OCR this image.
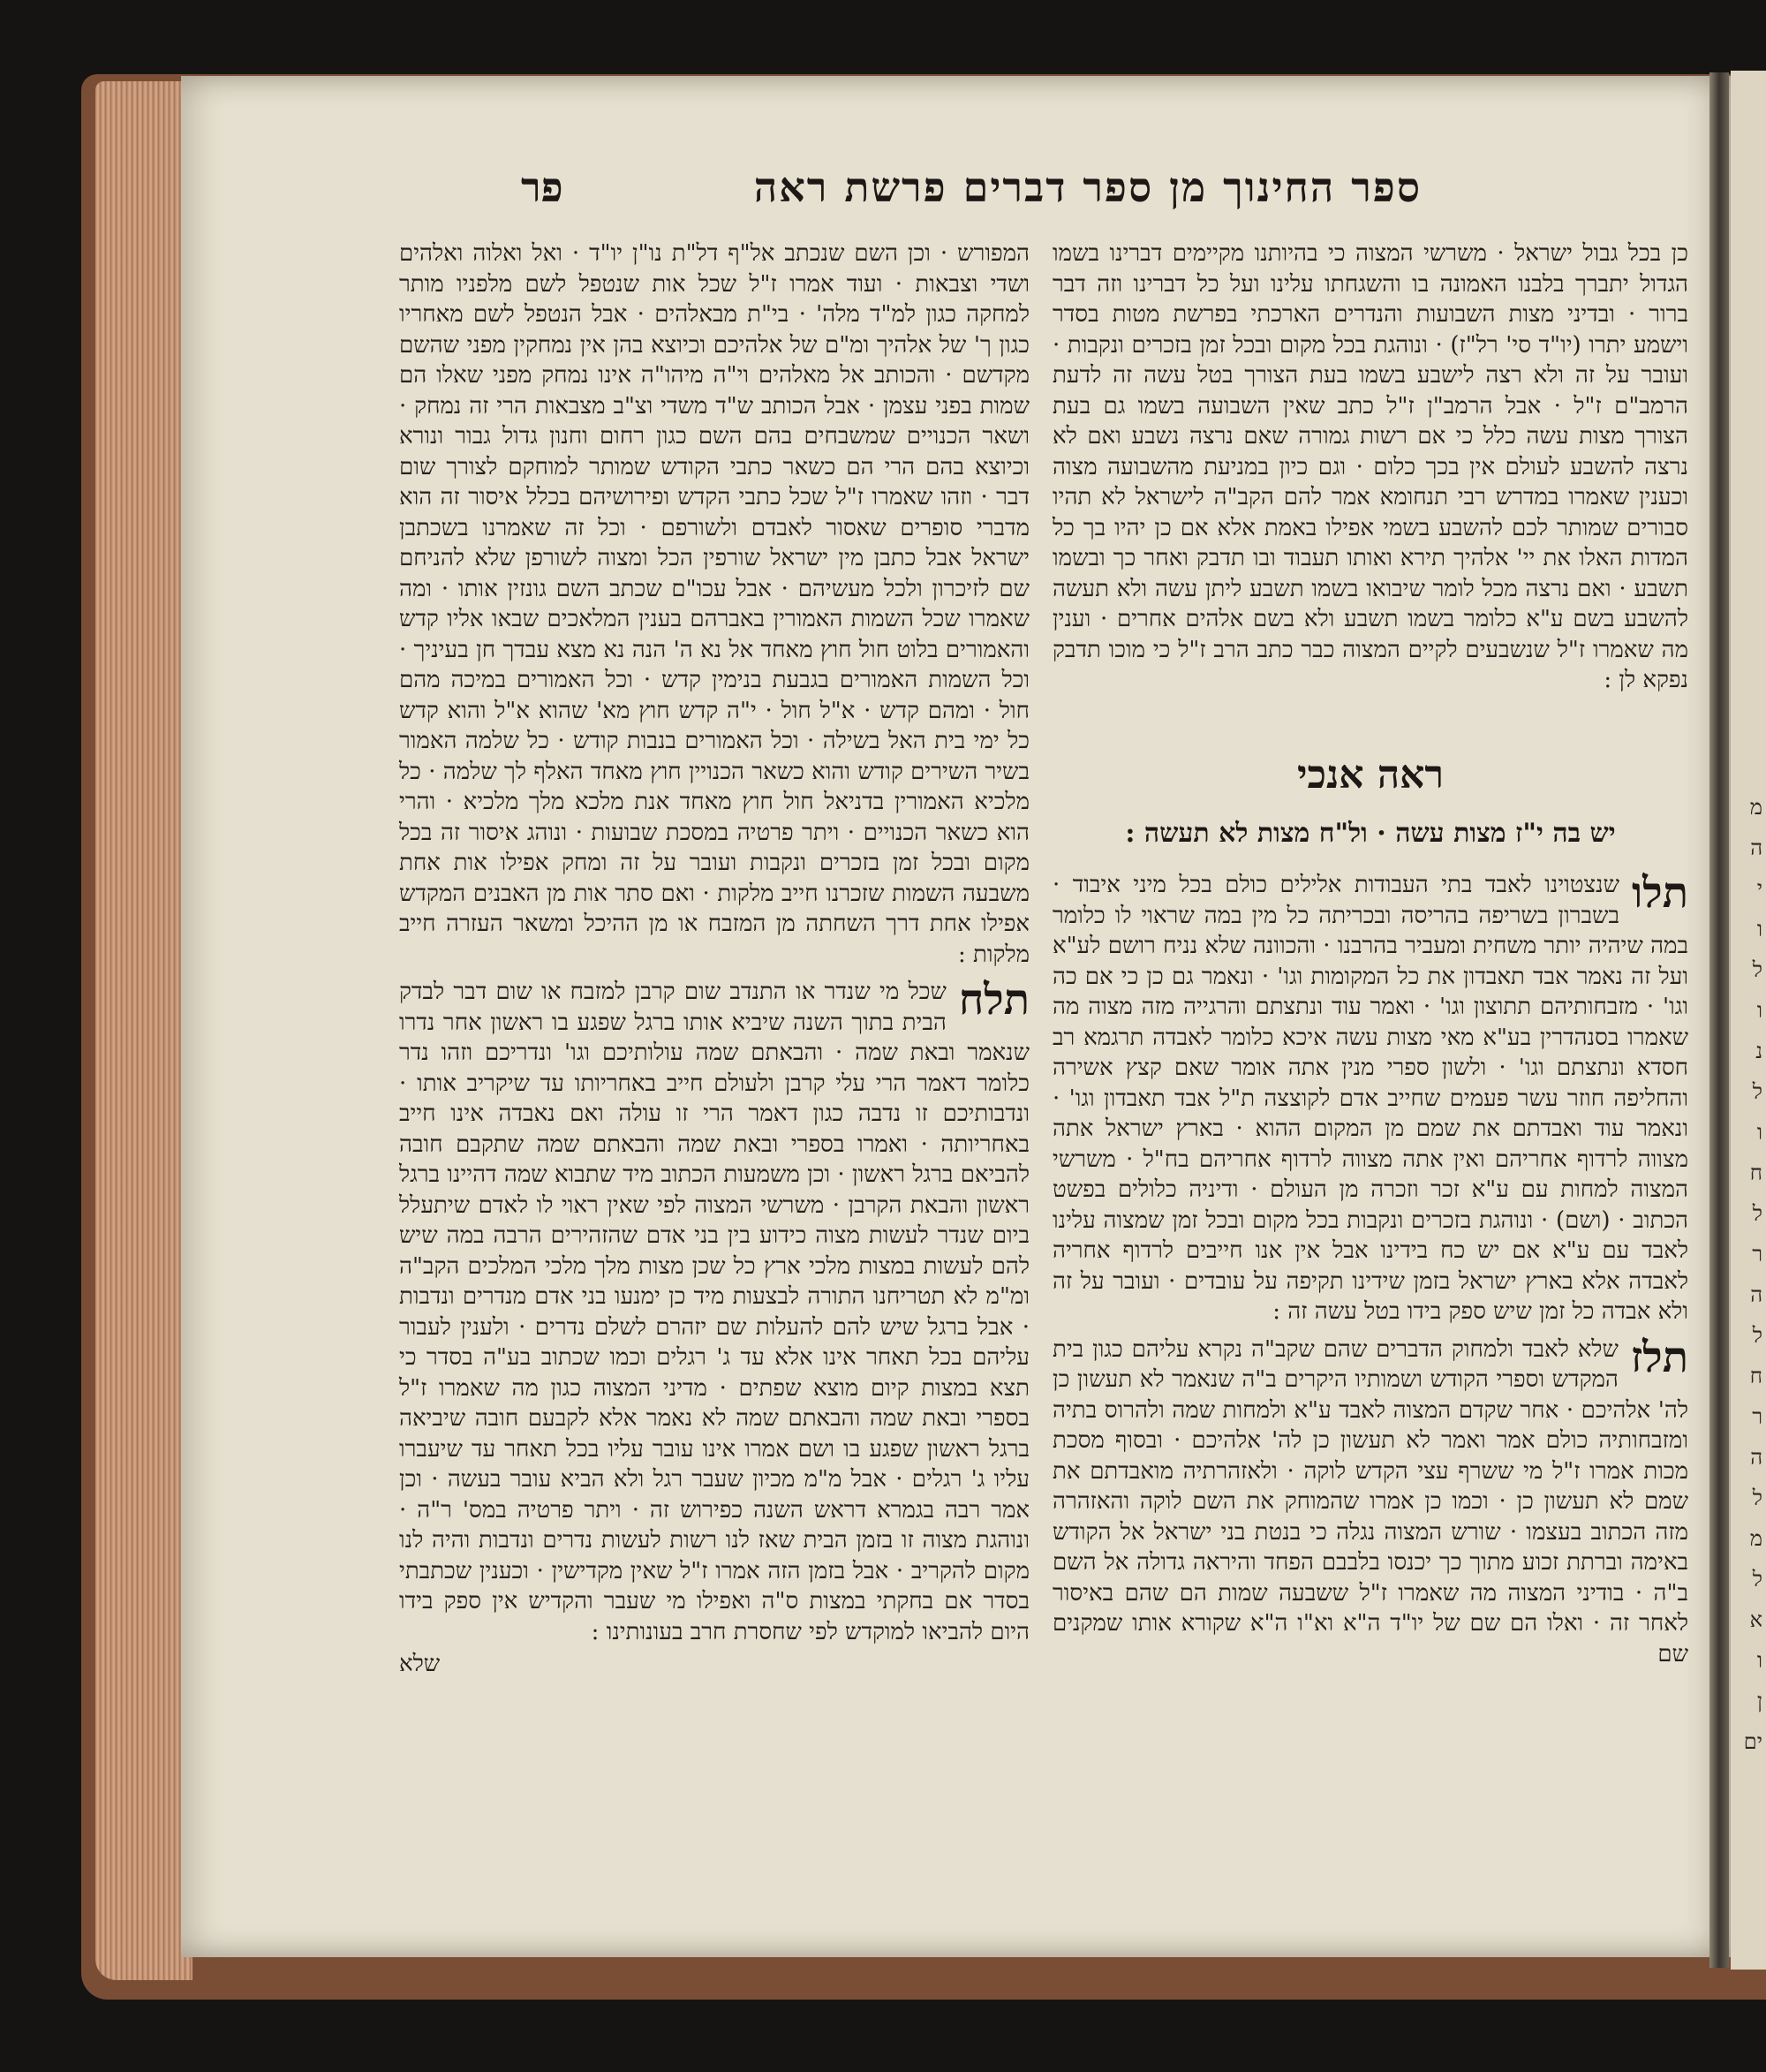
מ
ה
י
ו
ל
ו
נ
ל
ו
ח
ל
ר
ה
ל
ח
ר
ה
ל
מ
ל
א
ו
ן
ים
ספר החינוך מן ספר דברים פרשת ראה
פר

כן בכל גבול ישראל · משרשי המצוה כי בהיותנו מקיימים דברינו בשמו הגדול יתברך בלבנו האמונה בו והשגחתו עלינו ועל כל דברינו וזה דבר ברור · ובדיני מצות השבועות והנדרים הארכתי בפרשת מטות בסדר וישמע יתרו (יו"ד סי' רל"ז) · ונוהגת בכל מקום ובכל זמן בזכרים ונקבות · ועובר על זה ולא רצה לישבע בשמו בעת הצורך בטל עשה זה לדעת הרמב"ם ז"ל · אבל הרמב"ן ז"ל כתב שאין השבועה בשמו גם בעת הצורך מצות עשה כלל כי אם רשות גמורה שאם נרצה נשבע ואם לא נרצה להשבע לעולם אין בכך כלום · וגם כיון במניעת מהשבועה מצוה וכענין שאמרו במדרש רבי תנחומא אמר להם הקב"ה לישראל לא תהיו סבורים שמותר לכם להשבע בשמי אפילו באמת אלא אם כן יהיו בך כל המדות האלו את יי' אלהיך תירא ואותו תעבוד ובו תדבק ואחר כך ובשמו תשבע · ואם נרצה מכל לומר שיבואו בשמו תשבע ליתן עשה ולא תעשה להשבע בשם ע"א כלומר בשמו תשבע ולא בשם אלהים אחרים · וענין מה שאמרו ז"ל שנשבעים לקיים המצוה כבר כתב הרב ז"ל כי מוכו תדבק נפקא לן :

ראה אנכי
יש בה י"ז מצות עשה · ול"ח מצות לא תעשה :
תלו
שנצטוינו לאבד בתי העבודות אלילים כולם בכל מיני איבוד · בשברון בשריפה בהריסה ובכריתה כל מין במה שראוי לו כלומר במה שיהיה יותר משחית ומעביר בהרבנו · והכוונה שלא נניח רושם לע"א ועל זה נאמר אבד תאבדון את כל המקומות וגו' · ונאמר גם כן כי אם כה וגו' · מזבחותיהם תתוצון וגו' · ואמר עוד ונתצתם והרגייה מזה מצוה מה שאמרו בסנהדרין בע"א מאי מצות עשה איכא כלומר לאבדה תרגמא רב חסדא ונתצתם וגו' · ולשון ספרי מנין אתה אומר שאם קצץ אשירה והחליפה חוזר עשר פעמים שחייב אדם לקוצצה ת"ל אבד תאבדון וגו' · ונאמר עוד ואבדתם את שמם מן המקום ההוא · בארץ ישראל אתה מצווה לרדוף אחריהם ואין אתה מצווה לרדוף אחריהם בח"ל · משרשי המצוה למחות עם ע"א זכר וזכרה מן העולם · ודיניה כלולים בפשט הכתוב · (ושם) · ונוהגת בזכרים ונקבות בכל מקום ובכל זמן שמצוה עלינו לאבד עם ע"א אם יש כח בידינו אבל אין אנו חייבים לרדוף אחריה לאבדה אלא בארץ ישראל בזמן שידינו תקיפה על עובדים · ועובר על זה ולא אבדה כל זמן שיש ספק בידו בטל עשה זה :
תלז
שלא לאבד ולמחוק הדברים שהם שקב"ה נקרא עליהם כגון בית המקדש וספרי הקודש ושמותיו היקרים ב"ה שנאמר לא תעשון כן לה' אלהיכם · אחר שקדם המצוה לאבד ע"א ולמחות שמה ולהרוס בתיה ומזבחותיה כולם אמר ואמר לא תעשון כן לה' אלהיכם · ובסוף מסכת מכות אמרו ז"ל מי ששרף עצי הקדש לוקה · ולאזהרתיה מואבדתם את שמם לא תעשון כן · וכמו כן אמרו שהמוחק את השם לוקה והאזהרה מזה הכתוב בעצמו · שורש המצוה נגלה כי בנטת בני ישראל אל הקודש באימה וברתת זכוע מתוך כך יכנסו בלבבם הפחד והיראה גדולה אל השם ב"ה · בודיני המצוה מה שאמרו ז"ל ששבעה שמות הם שהם באיסור לאחר זה · ואלו הם שם של יו"ד ה"א וא"ו ה"א שקורא אותו שמקנים שם

המפורש · וכן השם שנכתב אל"ף דל"ת נו"ן יו"ד · ואל ואלוה ואלהים ושדי וצבאות · ועוד אמרו ז"ל שכל אות שנטפל לשם מלפניו מותר למחקה כגון למ"ד מלה' · בי"ת מבאלהים · אבל הנטפל לשם מאחריו כגון ך' של אלהיך ומ"ם של אלהיכם וכיוצא בהן אין נמחקין מפני שהשם מקדשם · והכותב אל מאלהים וי"ה מיהו"ה אינו נמחק מפני שאלו הם שמות בפני עצמן · אבל הכותב ש"ד משדי וצ"ב מצבאות הרי זה נמחק · ושאר הכנויים שמשבחים בהם השם כגון רחום וחנון גדול גבור ונורא וכיוצא בהם הרי הם כשאר כתבי הקודש שמותר למוחקם לצורך שום דבר · וזהו שאמרו ז"ל שכל כתבי הקדש ופירושיהם בכלל איסור זה הוא מדברי סופרים שאסור לאבדם ולשורפם · וכל זה שאמרנו בשכתבן ישראל אבל כתבן מין ישראל שורפין הכל ומצוה לשורפן שלא להניחם שם לזיכרון ולכל מעשיהם · אבל עכו"ם שכתב השם גונזין אותו · ומה שאמרו שכל השמות האמורין באברהם בענין המלאכים שבאו אליו קדש והאמורים בלוט חול חוץ מאחד אל נא ה' הנה נא מצא עבדך חן בעיניך · וכל השמות האמורים בגבעת בנימין קדש · וכל האמורים במיכה מהם חול · ומהם קדש · א"ל חול · י"ה קדש חוץ מא' שהוא א"ל והוא קדש כל ימי בית האל בשילה · וכל האמורים בנבות קודש · כל שלמה האמור בשיר השירים קודש והוא כשאר הכנויין חוץ מאחד האלף לך שלמה · כל מלכיא האמורין בדניאל חול חוץ מאחד אנת מלכא מלך מלכיא · והרי הוא כשאר הכנויים · ויתר פרטיה במסכת שבועות · ונוהג איסור זה בכל מקום ובכל זמן בזכרים ונקבות ועובר על זה ומחק אפילו אות אחת משבעה השמות שזכרנו חייב מלקות · ואם סתר אות מן האבנים המקדש אפילו אחת דרך השחתה מן המזבח או מן ההיכל ומשאר העזרה חייב מלקות :

תלח
שכל מי שנדר או התנדב שום קרבן למזבח או שום דבר לבדק הבית בתוך השנה שיביא אותו ברגל שפגע בו ראשון אחר נדרו שנאמר ובאת שמה · והבאתם שמה עולותיכם וגו' ונדריכם וזהו נדר כלומר דאמר הרי עלי קרבן ולעולם חייב באחריותו עד שיקריב אותו · ונדבותיכם זו נדבה כגון דאמר הרי זו עולה ואם נאבדה אינו חייב באחריותה · ואמרו בספרי ובאת שמה והבאתם שמה שתקבם חובה להביאם ברגל ראשון · וכן משמעות הכתוב מיד שתבוא שמה דהיינו ברגל ראשון והבאת הקרבן · משרשי המצוה לפי שאין ראוי לו לאדם שיתעלל ביום שנדר לעשות מצוה כידוע בין בני אדם שהזהירים הרבה במה שיש להם לעשות במצות מלכי ארץ כל שכן מצות מלך מלכי המלכים הקב"ה ומ"מ לא תטריחנו התורה לבצעות מיד כן ימנעו בני אדם מנדרים ונדבות · אבל ברגל שיש להם להעלות שם יזהרם לשלם נדרים · ולענין לעבור עליהם בכל תאחר אינו אלא עד ג' רגלים וכמו שכתוב בע"ה בסדר כי תצא במצות קיום מוצא שפתים · מדיני המצוה כגון מה שאמרו ז"ל בספרי ובאת שמה והבאתם שמה לא נאמר אלא לקבעם חובה שיביאה ברגל ראשון שפגע בו ושם אמרו אינו עובר עליו בכל תאחר עד שיעברו עליו ג' רגלים · אבל מ"מ מכיון שעבר רגל ולא הביא עובר בעשה · וכן אמר רבה בגמרא דראש השנה כפירוש זה · ויתר פרטיה במס' ר"ה · ונוהגת מצוה זו בזמן הבית שאז לנו רשות לעשות נדרים ונדבות והיה לנו מקום להקריב · אבל בזמן הזה אמרו ז"ל שאין מקדישין · וכענין שכתבתי בסדר אם בחקתי במצות ס"ה ואפילו מי שעבר והקדיש אין ספק בידו היום להביאו למוקדש לפי שחסרת חרב בעונותינו :
שלא
